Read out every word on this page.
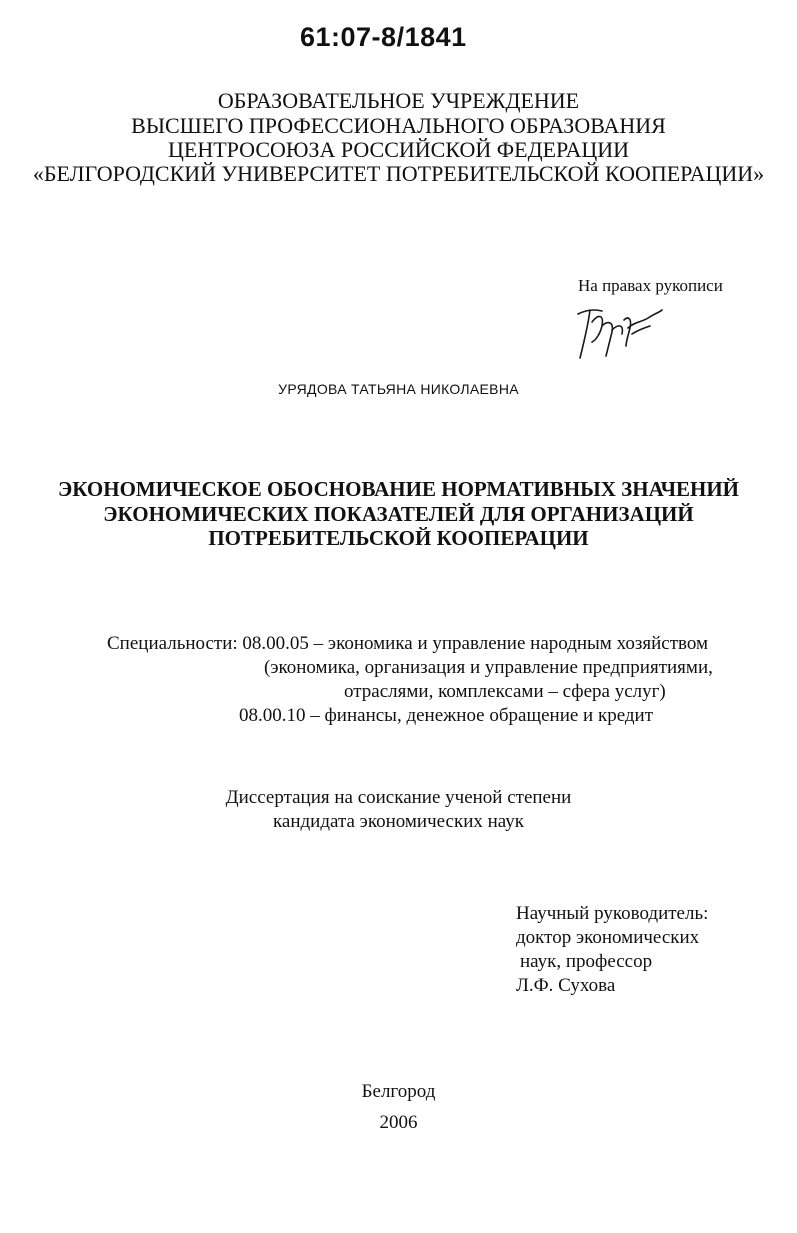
61:07-8/1841
ОБРАЗОВАТЕЛЬНОЕ УЧРЕЖДЕНИЕ
ВЫСШЕГО ПРОФЕССИОНАЛЬНОГО ОБРАЗОВАНИЯ
ЦЕНТРОСОЮЗА РОССИЙСКОЙ ФЕДЕРАЦИИ
«БЕЛГОРОДСКИЙ УНИВЕРСИТЕТ ПОТРЕБИТЕЛЬСКОЙ КООПЕРАЦИИ»
На правах рукописи
УРЯДОВА ТАТЬЯНА НИКОЛАЕВНА
ЭКОНОМИЧЕСКОЕ ОБОСНОВАНИЕ НОРМАТИВНЫХ ЗНАЧЕНИЙ
ЭКОНОМИЧЕСКИХ ПОКАЗАТЕЛЕЙ ДЛЯ ОРГАНИЗАЦИЙ
ПОТРЕБИТЕЛЬСКОЙ КООПЕРАЦИИ
Специальности: 08.00.05 – экономика и управление народным хозяйством
(экономика, организация и управление предприятиями,
отраслями, комплексами – сфера услуг)
08.00.10 – финансы, денежное обращение и кредит
Диссертация на соискание ученой степени
кандидата экономических наук
Научный руководитель:
доктор экономических
наук, профессор
Л.Ф. Сухова
Белгород
2006
